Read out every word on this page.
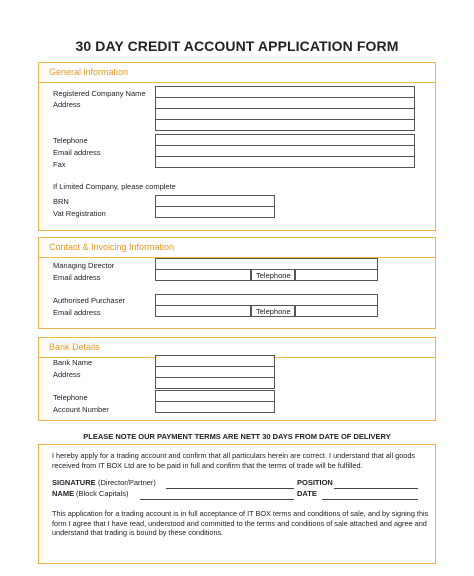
30 DAY CREDIT ACCOUNT APPLICATION FORM
General information
Registered Company Name
Address
Telephone
Email address
Fax
If Limited Company, please complete
BRN
Vat Registration
Contact & Invoicing Information
Managing Director
Email address
Authorised Purchaser
Email address
Telephone
Telephone
Bank Details
Bank Name
Address
Telephone
Account Number
PLEASE NOTE OUR PAYMENT TERMS ARE NETT 30 DAYS FROM DATE OF DELIVERY
I hereby apply for a trading account and confirm that all particulars herein are correct. I understand that all goods received from IT BOX Ltd are to be paid in full and confirm that the terms of trade will be fulfilled.
SIGNATURE (Director/Partner)	POSITION
NAME (Block Capitals)	DATE
This application for a trading account is in full acceptance of IT BOX terms and conditions of sale, and by signing this form I agree that I have read, understood and committed to the terms and conditions of sale attached and agree and understand that trading is bound by these conditions.
